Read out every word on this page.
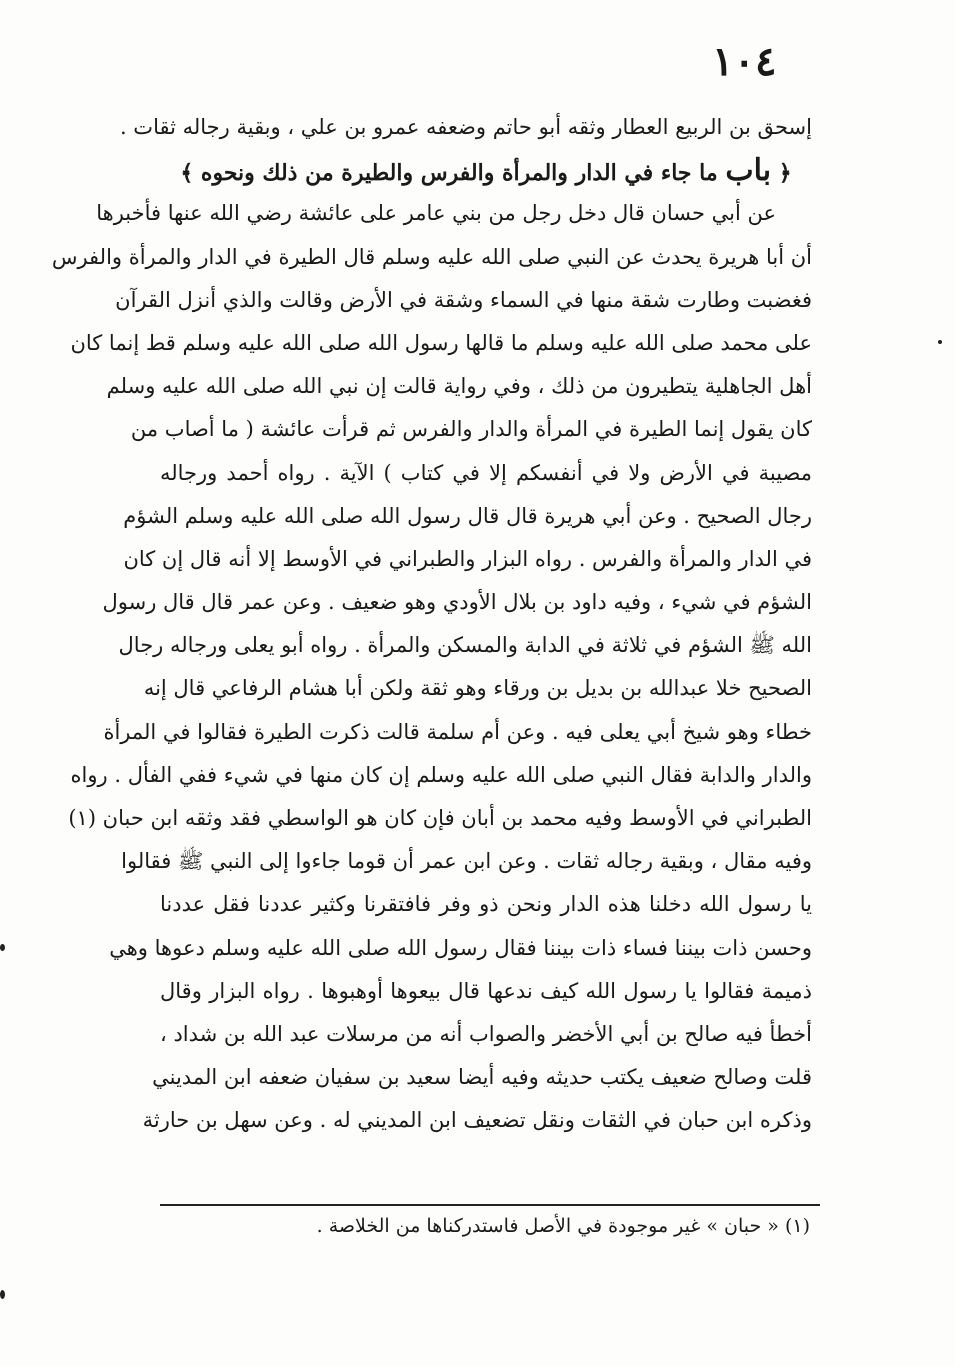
١٠٤
إسحق بن الربيع العطار وثقه أبو حاتم وضعفه عمرو بن علي ، وبقية رجاله ثقات .
﴿ باب ما جاء في الدار والمرأة والفرس والطيرة من ذلك ونحوه ﴾
عن أبي حسان قال دخل رجل من بني عامر على عائشة رضي الله عنها فأخبرها
أن أبا هريرة يحدث عن النبي صلى الله عليه وسلم قال الطيرة في الدار والمرأة والفرس
فغضبت وطارت شقة منها في السماء وشقة في الأرض وقالت والذي أنزل القرآن
على محمد صلى الله عليه وسلم ما قالها رسول الله صلى الله عليه وسلم قط إنما كان
أهل الجاهلية يتطيرون من ذلك ، وفي رواية قالت إن نبي الله صلى الله عليه وسلم
كان يقول إنما الطيرة في المرأة والدار والفرس ثم قرأت عائشة ( ما أصاب من
مصيبة في الأرض ولا في أنفسكم إلا في كتاب ) الآية . رواه أحمد ورجاله
رجال الصحيح . وعن أبي هريرة قال قال رسول الله صلى الله عليه وسلم الشؤم
في الدار والمرأة والفرس . رواه البزار والطبراني في الأوسط إلا أنه قال إن كان
الشؤم في شيء ، وفيه داود بن بلال الأودي وهو ضعيف . وعن عمر قال قال رسول
الله ﷺ الشؤم في ثلاثة في الدابة والمسكن والمرأة . رواه أبو يعلى ورجاله رجال
الصحيح خلا عبدالله بن بديل بن ورقاء وهو ثقة ولكن أبا هشام الرفاعي قال إنه
خطاء وهو شيخ أبي يعلى فيه . وعن أم سلمة قالت ذكرت الطيرة فقالوا في المرأة
والدار والدابة فقال النبي صلى الله عليه وسلم إن كان منها في شيء ففي الفأل . رواه
الطبراني في الأوسط وفيه محمد بن أبان فإن كان هو الواسطي فقد وثقه ابن حبان (١)
وفيه مقال ، وبقية رجاله ثقات . وعن ابن عمر أن قوما جاءوا إلى النبي ﷺ فقالوا
يا رسول الله دخلنا هذه الدار ونحن ذو وفر فافتقرنا وكثير عددنا فقل عددنا
وحسن ذات بيننا فساء ذات بيننا فقال رسول الله صلى الله عليه وسلم دعوها وهي
ذميمة فقالوا يا رسول الله كيف ندعها قال بيعوها أوهبوها . رواه البزار وقال
أخطأ فيه صالح بن أبي الأخضر والصواب أنه من مرسلات عبد الله بن شداد ،
قلت وصالح ضعيف يكتب حديثه وفيه أيضا سعيد بن سفيان ضعفه ابن المديني
وذكره ابن حبان في الثقات ونقل تضعيف ابن المديني له . وعن سهل بن حارثة
(١) « حبان » غير موجودة في الأصل فاستدركناها من الخلاصة .
